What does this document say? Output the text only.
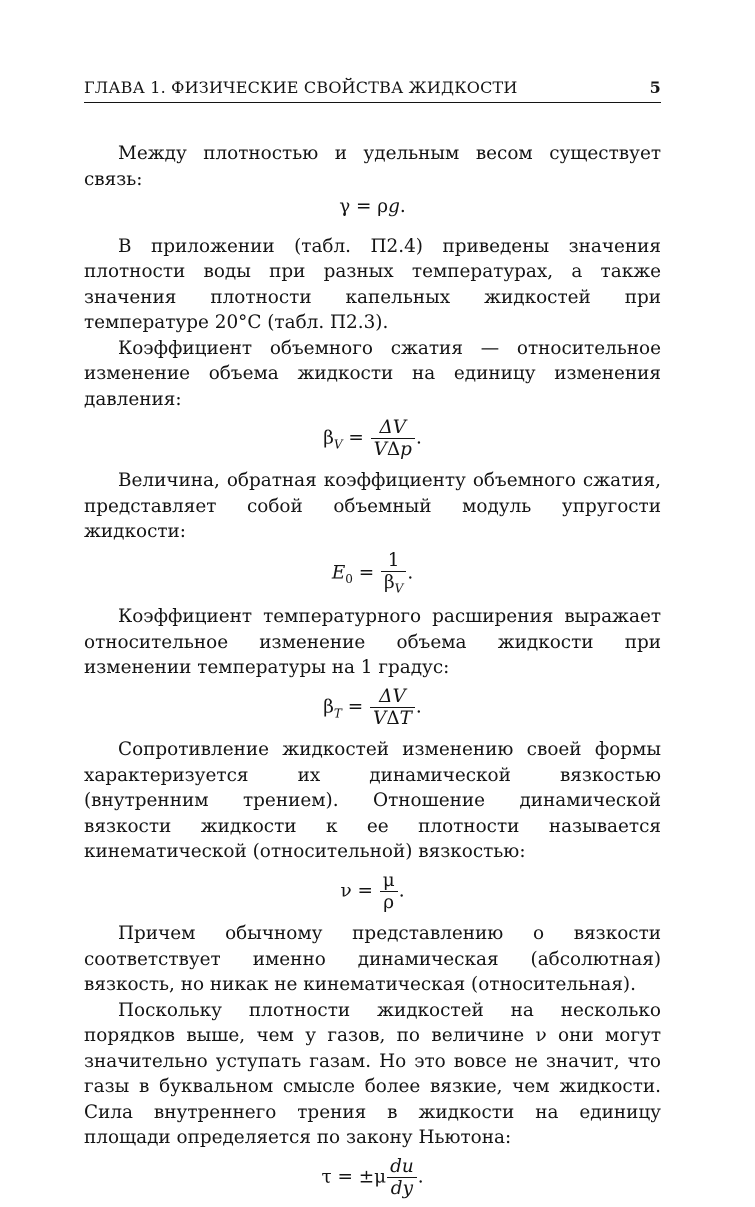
ГЛАВА 1. ФИЗИЧЕСКИЕ СВОЙСТВА ЖИДКОСТИ	5

Между плотностью и удельным весом существует связь:

γ = ρg.

В приложении (табл. П2.4) приведены значения плотности воды при разных температурах, а также значения плотности капельных жидкостей при температуре 20°С (табл. П2.3).

Коэффициент объемного сжатия — относительное изменение объема жидкости на единицу изменения давления:

$\beta_V = \frac{\Delta V}{\text{VΔp}}$ .

Величина, обратная коэффициенту объемного сжатия, представляет собой объемный модуль упругости жидкости:

$E_0 = \frac{1}{\beta_V}$ .

Коэффициент температурного расширения выражает относительное изменение объема жидкости при изменении температуры на 1 градус:

$\beta_T = \frac{\Delta V}{\text{VΔT}}$ .

Сопротивление жидкостей изменению своей формы характеризуется их динамической вязкостью (внутренним трением). Отношение динамической вязкости жидкости к ее плотности называется кинематической (относительной) вязкостью:

$\nu = \frac{\mu}{\rho}$ .

Причем обычному представлению о вязкости соответствует именно динамическая (абсолютная) вязкость, но никак не кинематическая (относительная).

Поскольку плотности жидкостей на несколько порядков выше, чем у газов, по величине ν они могут значительно уступать газам. Но это вовсе не значит, что газы в буквальном смысле более вязкие, чем жидкости. Сила внутреннего трения в жидкости на единицу площади определяется по закону Ньютона:

$\tau = \pm\mu \frac{du}{dy}$ .
